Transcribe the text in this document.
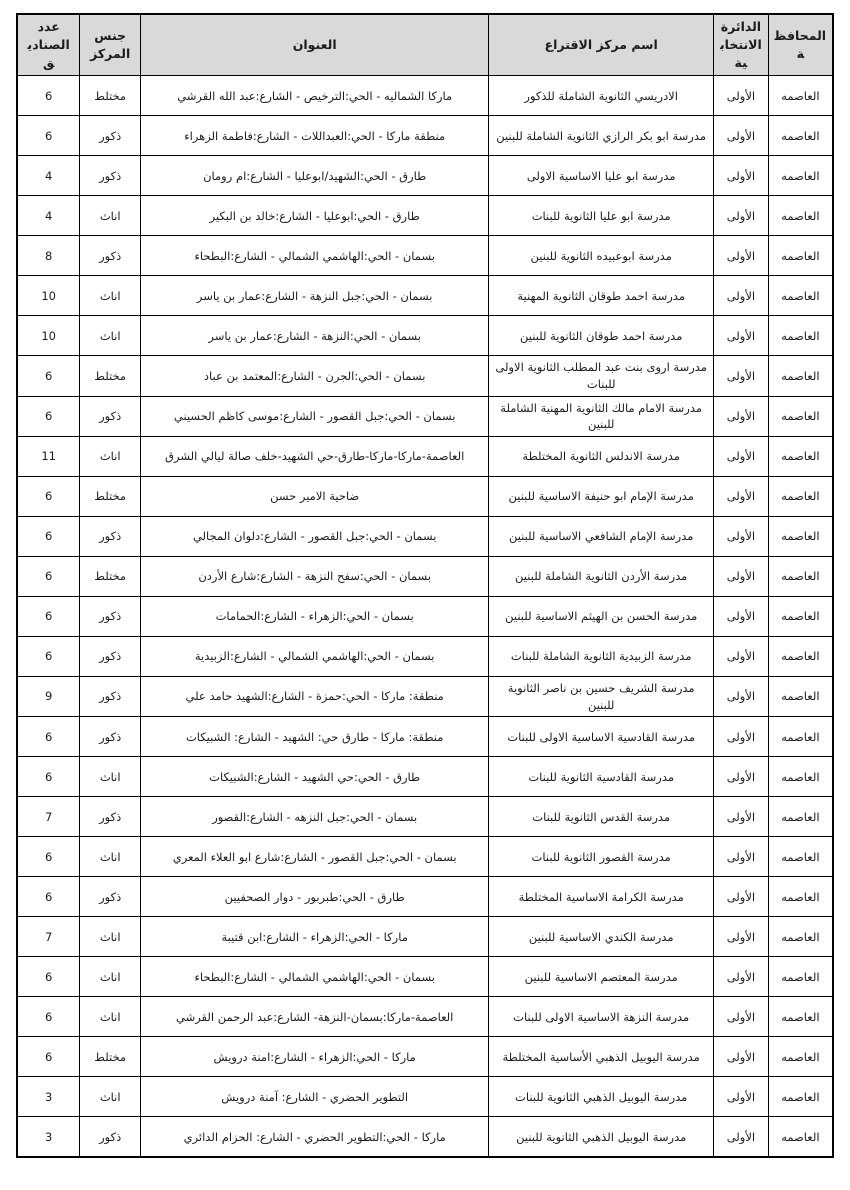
المحافظة	الدائرة الانتخابية	اسم مركز الاقتراع	العنوان	جنس المركز	عدد الصناديق
العاصمه	الأولى	الادريسي الثانوية الشاملة للذكور	ماركا الشماليه - الحي:الترخيص - الشارع:عبد الله القرشي	مختلط	6
العاصمه	الأولى	مدرسة ابو بكر الرازي الثانوية الشاملة للبنين	منطقة ماركا - الحي:العبداللات - الشارع:فاطمة الزهراء	ذكور	6
العاصمه	الأولى	مدرسة ابو عليا الاساسية الاولى	طارق - الحي:الشهيد/ابوعليا - الشارع:ام رومان	ذكور	4
العاصمه	الأولى	مدرسة ابو عليا الثانوية للبنات	طارق - الحي:ابوعليا - الشارع:خالد بن البكير	اناث	4
العاصمه	الأولى	مدرسة ابوعبيده الثانوية للبنين	بسمان - الحي:الهاشمي الشمالي - الشارع:البطحاء	ذكور	8
العاصمه	الأولى	مدرسة احمد طوقان الثانوية المهنية	بسمان - الحي:جبل النزهة - الشارع:عمار بن ياسر	اناث	10
العاصمه	الأولى	مدرسة احمد طوقان الثانوية للبنين	بسمان - الحي:النزهة - الشارع:عمار بن ياسر	اناث	10
العاصمه	الأولى	مدرسة اروى بنت عبد المطلب الثانوية الاولى للبنات	بسمان - الحي:الجرن - الشارع:المعتمد بن عباد	مختلط	6
العاصمه	الأولى	مدرسة الامام مالك الثانوية المهنية الشاملة للبنين	بسمان - الحي:جبل القصور - الشارع:موسى كاظم الحسيني	ذكور	6
العاصمه	الأولى	مدرسة الاندلس الثانوية المختلطة	العاصمة-ماركا-ماركا-طارق-حي الشهيد-خلف صالة ليالي الشرق	اناث	11
العاصمه	الأولى	مدرسة الإمام ابو حنيفة الاساسية للبنين	ضاحية الامير حسن	مختلط	6
العاصمه	الأولى	مدرسة الإمام الشافعي الاساسية للبنين	بسمان - الحي:جبل القصور - الشارع:دلوان المجالي	ذكور	6
العاصمه	الأولى	مدرسة الأردن الثانوية الشاملة للبنين	بسمان - الحي:سفح النزهة - الشارع:شارع الأردن	مختلط	6
العاصمه	الأولى	مدرسة الحسن بن الهيثم الاساسية للبنين	بسمان - الحي:الزهراء - الشارع:الحمامات	ذكور	6
العاصمه	الأولى	مدرسة الزبيدية الثانوية الشاملة للبنات	بسمان - الحي:الهاشمي الشمالي - الشارع:الزبيدية	ذكور	6
العاصمه	الأولى	مدرسة الشريف حسين بن ناصر الثانوية للبنين	منطقة: ماركا - الحي:حمزة - الشارع:الشهيد حامد علي	ذكور	9
العاصمه	الأولى	مدرسة القادسية الاساسية الاولى للبنات	منطقة: ماركا - طارق حي: الشهيد - الشارع: الشبيكات	ذكور	6
العاصمه	الأولى	مدرسة القادسية الثانوية للبنات	طارق - الحي:حي الشهيد - الشارع:الشبيكات	اناث	6
العاصمه	الأولى	مدرسة القدس الثانوية للبنات	بسمان - الحي:جبل النزهه - الشارع:القصور	ذكور	7
العاصمه	الأولى	مدرسة القصور الثانوية للبنات	بسمان - الحي:جبل القصور - الشارع:شارع ابو العلاء المعري	اناث	6
العاصمه	الأولى	مدرسة الكرامة الاساسية المختلطة	طارق - الحي:طبربور - دوار الصحفيين	ذكور	6
العاصمه	الأولى	مدرسة الكندي الاساسية للبنين	ماركا - الحي:الزهراء - الشارع:ابن قتيبة	اناث	7
العاصمه	الأولى	مدرسة المعتصم الاساسية للبنين	بسمان - الحي:الهاشمي الشمالي - الشارع:البطحاء	اناث	6
العاصمه	الأولى	مدرسة النزهة الاساسية الاولى للبنات	العاصمة-ماركا:بسمان-النزهة- الشارع:عبد الرحمن القرشي	اناث	6
العاصمه	الأولى	مدرسة اليوبيل الذهبي الأساسية المختلطة	ماركا - الحي:الزهراء - الشارع:امنة درويش	مختلط	6
العاصمه	الأولى	مدرسة اليوبيل الذهبي الثانوية للبنات	التطوير الحضري - الشارع: آمنة درويش	اناث	3
العاصمه	الأولى	مدرسة اليوبيل الذهبي الثانوية للبنين	ماركا - الحي:التطوير الحضري - الشارع: الحزام الدائري	ذكور	3
